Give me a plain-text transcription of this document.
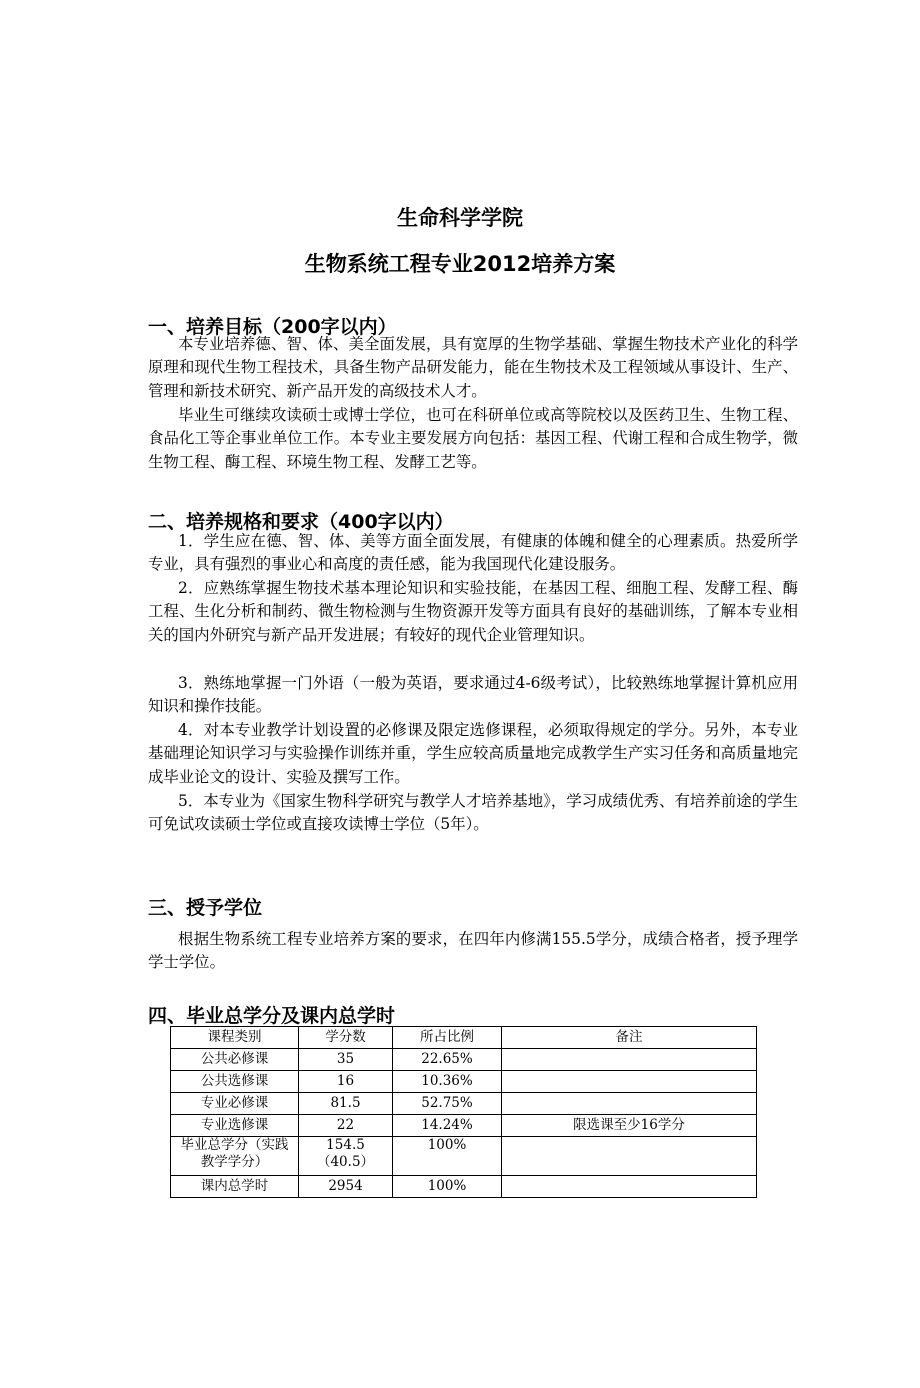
生命科学学院
生物系统工程专业2012培养方案
一、培养目标（200字以内）

本专业培养德、智、体、美全面发展，具有宽厚的生物学基础、掌握生物技术产业化的科学原理和现代生物工程技术，具备生物产品研发能力，能在生物技术及工程领域从事设计、生产、管理和新技术研究、新产品开发的高级技术人才。

毕业生可继续攻读硕士或博士学位，也可在科研单位或高等院校以及医药卫生、生物工程、食品化工等企事业单位工作。本专业主要发展方向包括：基因工程、代谢工程和合成生物学，微生物工程、酶工程、环境生物工程、发酵工艺等。

二、培养规格和要求（400字以内）

1．学生应在德、智、体、美等方面全面发展，有健康的体魄和健全的心理素质。热爱所学专业，具有强烈的事业心和高度的责任感，能为我国现代化建设服务。

2．应熟练掌握生物技术基本理论知识和实验技能，在基因工程、细胞工程、发酵工程、酶工程、生化分析和制药、微生物检测与生物资源开发等方面具有良好的基础训练，了解本专业相关的国内外研究与新产品开发进展；有较好的现代企业管理知识。

3．熟练地掌握一门外语（一般为英语，要求通过4-6级考试），比较熟练地掌握计算机应用知识和操作技能。

4．对本专业教学计划设置的必修课及限定选修课程，必须取得规定的学分。另外，本专业基础理论知识学习与实验操作训练并重，学生应较高质量地完成教学生产实习任务和高质量地完成毕业论文的设计、实验及撰写工作。

5．本专业为《国家生物科学研究与教学人才培养基地》，学习成绩优秀、有培养前途的学生可免试攻读硕士学位或直接攻读博士学位（5年）。

三、授予学位

根据生物系统工程专业培养方案的要求，在四年内修满155.5学分，成绩合格者，授予理学学士学位。

四、毕业总学分及课内总学时
课程类别	学分数	所占比例	备注
公共必修课	35	22.65%	
公共选修课	16	10.36%	
专业必修课	81.5	52.75%	
专业选修课	22	14.24%	限选课至少16学分
毕业总学分（实践教学学分）	154.5（40.5）	100%	
课内总学时	2954	100%	
